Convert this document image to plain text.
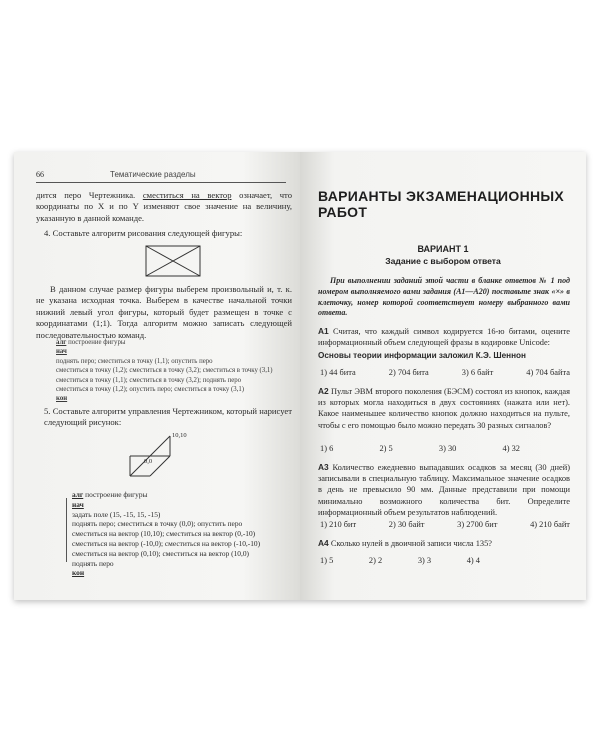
66	Тематические разделы

дится перо Чертежника. сместиться на вектор означает, что координаты по X и по Y изменяют свое значение на величину, указанную в данной команде.

4. Составьте алгоритм рисования следующей фигуры:

В данном случае размер фигуры выберем произвольный и, т. к. не указана исходная точка. Выберем в качестве начальной точки нижний левый угол фигуры, который будет размещен в точке с координатами (1;1). Тогда алгоритм можно записать следующей последовательностью команд.

алг построение фигуры
нач
поднять перо; сместиться в точку (1,1); опустить перо
сместиться в точку (1,2); сместиться в точку (3,2); сместиться в точку (3,1)
сместиться в точку (1,1); сместиться в точку (3,2); поднять перо
сместиться в точку (1,2); опустить перо; сместиться в точку (3,1)
кон

5. Составьте алгоритм управления Чертежником, который нарисует следующий рисунок:

10,10

0,0

алг построение фигуры
нач
задать поле (15, -15, 15, -15)
поднять перо; сместиться в точку (0,0); опустить перо
сместиться на вектор (10,10); сместиться на вектор (0,-10)
сместиться на вектор (-10,0); сместиться на вектор (-10,-10)
сместиться на вектор (0,10); сместиться на вектор (10,0)
поднять перо
кон

ВАРИАНТЫ ЭКЗАМЕНАЦИОННЫХ РАБОТ

ВАРИАНТ 1

Задание с выбором ответа

При выполнении заданий этой части в бланке ответов № 1 под номером выполняемого вами задания (А1—А20) поставьте знак «×» в клеточку, номер которой соответствует номеру выбранного вами ответа.

A1 Считая, что каждый символ кодируется 16-ю битами, оцените информационный объем следующей фразы в кодировке Unicode:

Основы теории информации заложил К.Э. Шеннон

1) 44 бита	2) 704 бита	3) 6 байт	4) 704 байта

A2 Пульт ЭВМ второго поколения (БЭСМ) состоял из кнопок, каждая из которых могла находиться в двух состояниях (нажата или нет). Какое наименьшее количество кнопок должно находиться на пульте, чтобы с его помощью было можно передать 30 разных сигналов?

1) 6	2) 5	3) 30	4) 32

A3 Количество ежедневно выпадавших осадков за месяц (30 дней) записывали в специальную таблицу. Максимальное значение осадков в день не превысило 90 мм. Данные представили при помощи минимально возможного количества бит. Определите информационный объем результатов наблюдений.

1) 210 бит	2) 30 байт	3) 2700 бит	4) 210 байт

A4 Сколько нулей в двоичной записи числа 135?

1) 5	2) 2	3) 3	4) 4
